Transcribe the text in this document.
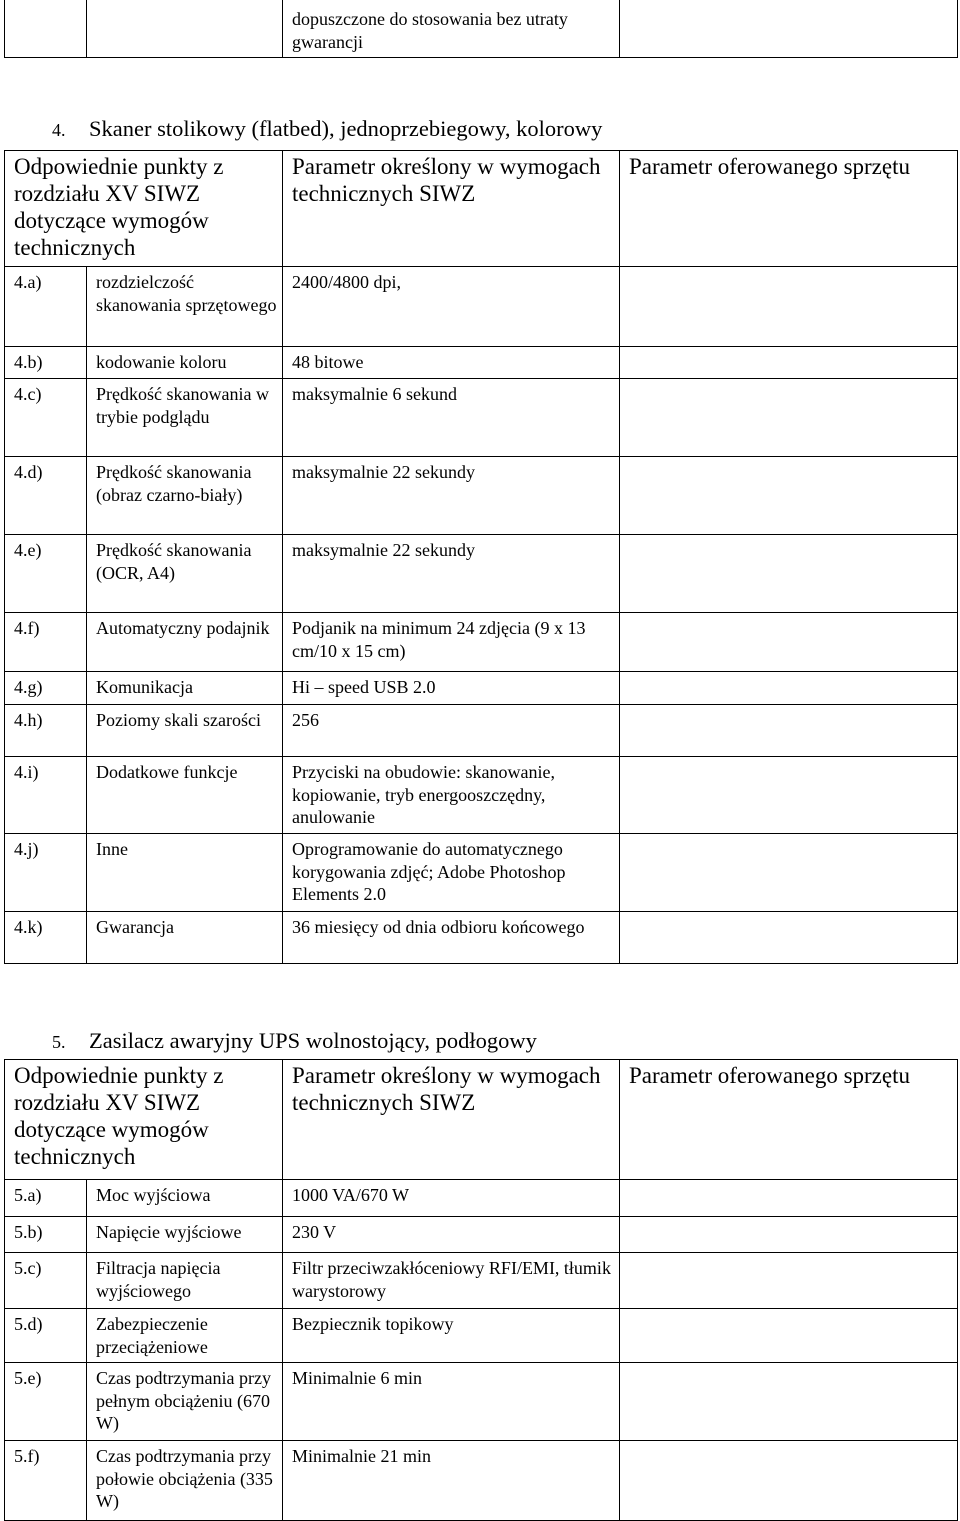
		dopuszczone do stosowania bez utraty gwarancji	
4. Skaner stolikowy (flatbed), jednoprzebiegowy, kolorowy
Odpowiednie punkty z rozdziału XV SIWZ dotyczące wymogów technicznych		Parametr określony w wymogach technicznych SIWZ	Parametr oferowanego sprzętu
4.a)	rozdzielczość skanowania sprzętowego	2400/4800 dpi,	
4.b)	kodowanie koloru	48 bitowe	
4.c)	Prędkość skanowania w trybie podglądu	maksymalnie 6 sekund	
4.d)	Prędkość skanowania (obraz czarno-biały)	maksymalnie 22 sekundy	
4.e)	Prędkość skanowania (OCR, A4)	maksymalnie 22 sekundy	
4.f)	Automatyczny podajnik	Podjanik na minimum 24 zdjęcia (9 x 13 cm/10 x 15 cm)	
4.g)	Komunikacja	Hi – speed USB 2.0	
4.h)	Poziomy skali szarości	256	
4.i)	Dodatkowe funkcje	Przyciski na obudowie: skanowanie, kopiowanie, tryb energooszczędny, anulowanie	
4.j)	Inne	Oprogramowanie do automatycznego korygowania zdjęć; Adobe Photoshop Elements 2.0	
4.k)	Gwarancja	36 miesięcy od dnia odbioru końcowego	
5. Zasilacz awaryjny UPS wolnostojący, podłogowy
Odpowiednie punkty z rozdziału XV SIWZ dotyczące wymogów technicznych		Parametr określony w wymogach technicznych SIWZ	Parametr oferowanego sprzętu
5.a)	Moc wyjściowa	1000 VA/670 W	
5.b)	Napięcie wyjściowe	230 V	
5.c)	Filtracja napięcia wyjściowego	Filtr przeciwzakłóceniowy RFI/EMI, tłumik warystorowy	
5.d)	Zabezpieczenie przeciążeniowe	Bezpiecznik topikowy	
5.e)	Czas podtrzymania przy pełnym obciążeniu (670 W)	Minimalnie 6 min	
5.f)	Czas podtrzymania przy połowie obciążenia (335 W)	Minimalnie 21 min	
